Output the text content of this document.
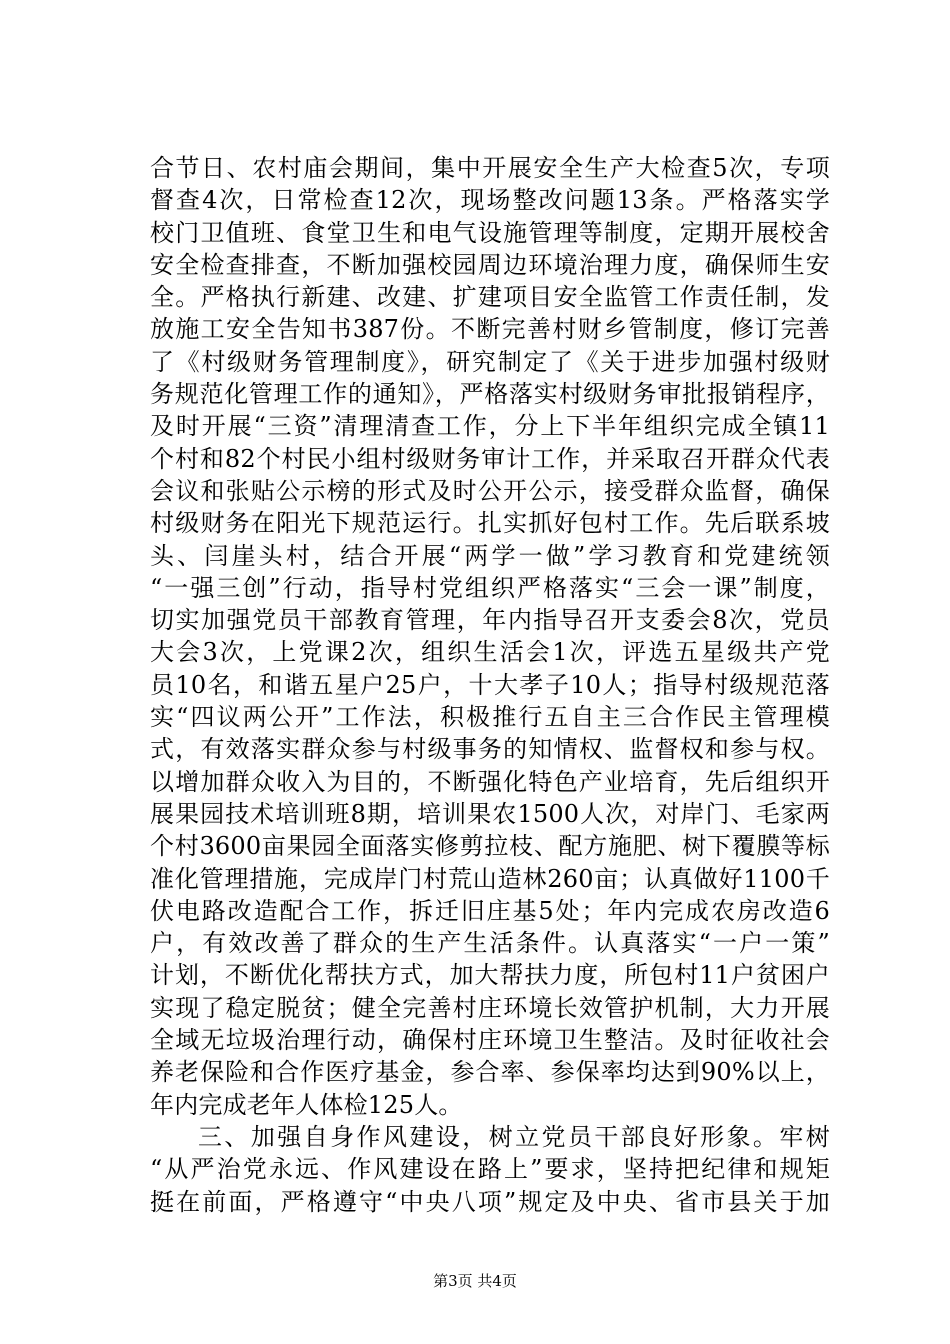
合节日、农村庙会期间，集中开展安全生产大检查5次，专项
督查4次，日常检查12次，现场整改问题13条。严格落实学
校门卫值班、食堂卫生和电气设施管理等制度，定期开展校舍
安全检查排查，不断加强校园周边环境治理力度，确保师生安
全。严格执行新建、改建、扩建项目安全监管工作责任制，发
放施工安全告知书387份。不断完善村财乡管制度，修订完善
了《村级财务管理制度》，研究制定了《关于进步加强村级财
务规范化管理工作的通知》，严格落实村级财务审批报销程序，
及时开展“三资”清理清查工作，分上下半年组织完成全镇11
个村和82个村民小组村级财务审计工作，并采取召开群众代表
会议和张贴公示榜的形式及时公开公示，接受群众监督，确保
村级财务在阳光下规范运行。扎实抓好包村工作。先后联系坡
头、闫崖头村，结合开展“两学一做”学习教育和党建统领
“一强三创”行动，指导村党组织严格落实“三会一课”制度，
切实加强党员干部教育管理，年内指导召开支委会8次，党员
大会3次，上党课2次，组织生活会1次，评选五星级共产党
员10名，和谐五星户25户，十大孝子10人；指导村级规范落
实“四议两公开”工作法，积极推行五自主三合作民主管理模
式，有效落实群众参与村级事务的知情权、监督权和参与权。
以增加群众收入为目的，不断强化特色产业培育，先后组织开
展果园技术培训班8期，培训果农1500人次，对岸门、毛家两
个村3600亩果园全面落实修剪拉枝、配方施肥、树下覆膜等标
准化管理措施，完成岸门村荒山造林260亩；认真做好1100千
伏电路改造配合工作，拆迁旧庄基5处；年内完成农房改造6
户，有效改善了群众的生产生活条件。认真落实“一户一策”
计划，不断优化帮扶方式，加大帮扶力度，所包村11户贫困户
实现了稳定脱贫；健全完善村庄环境长效管护机制，大力开展
全域无垃圾治理行动，确保村庄环境卫生整洁。及时征收社会
养老保险和合作医疗基金，参合率、参保率均达到90%以上，
年内完成老年人体检125人。
三、加强自身作风建设，树立党员干部良好形象。牢树
“从严治党永远、作风建设在路上”要求，坚持把纪律和规矩
挺在前面，严格遵守“中央八项”规定及中央、省市县关于加
第3页 共4页
